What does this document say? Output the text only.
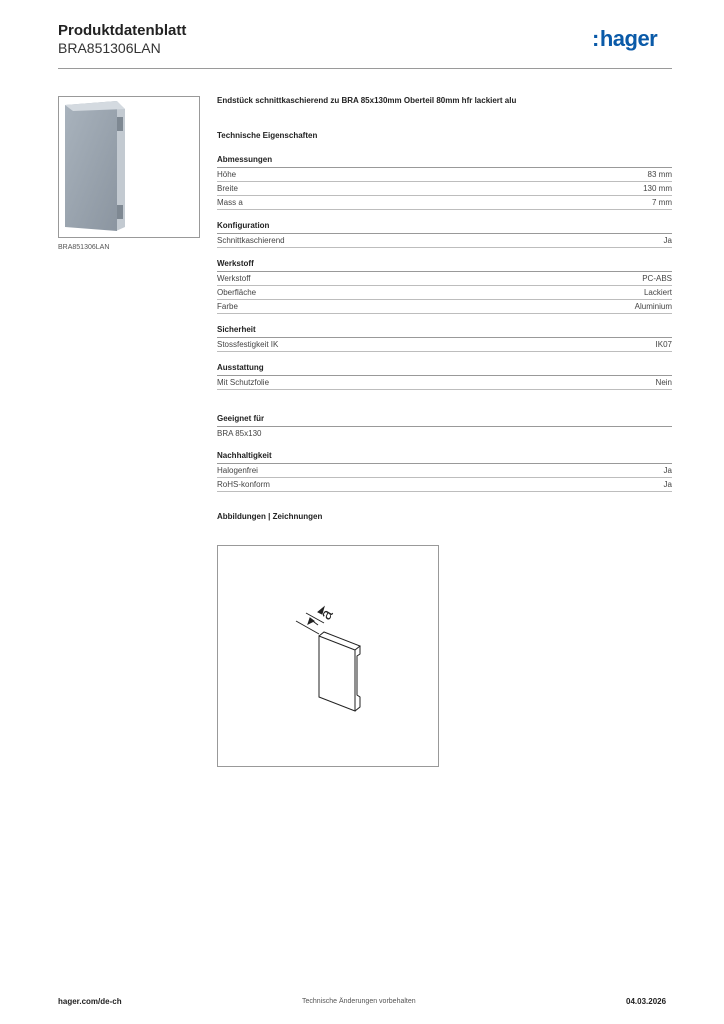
Produktdatenblatt
BRA851306LAN	:hager
BRA851306LAN

Endstück schnittkaschierend zu BRA 85x130mm Oberteil 80mm hfr lackiert alu

Technische Eigenschaften
Abmessungen
Höhe	83 mm
Breite	130 mm
Mass a	7 mm
Konfiguration
Schnittkaschierend	Ja
Werkstoff
Werkstoff	PC-ABS
Oberfläche	Lackiert
Farbe	Aluminium
Sicherheit
Stossfestigkeit IK	IK07
Ausstattung
Mit Schutzfolie	Nein
Geeignet für
BRA 85x130
Nachhaltigkeit
Halogenfrei	Ja
RoHS-konform	Ja
Abbildungen | Zeichnungen
a
hager.com/de-ch	Technische Änderungen vorbehalten	04.03.2026
